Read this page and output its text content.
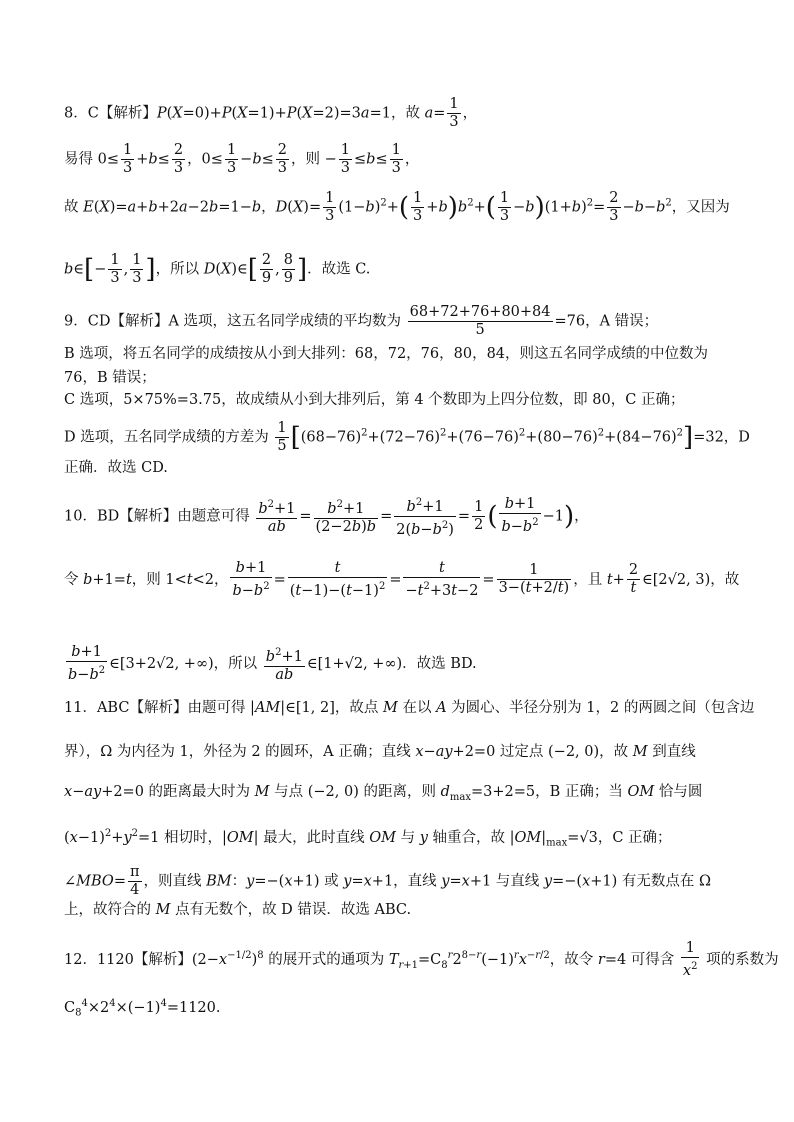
8．C【解析】P(X=0)+P(X=1)+P(X=2)=3a=1，故 $a= \frac{1}{3}$ ，
易得 $0\le \frac{1}{3} +b\le \frac{2}{3}$ ，$0\le \frac{1}{3} -b\le \frac{2}{3}$ ，则 − $\frac{1}{3} \le b\le \frac{1}{3}$ ，
故 E(X)=a+b+2a−2b=1−b，$D(X)= \frac{1}{3} (1-b)^2+( \frac{1}{3} +b)b^2+( \frac{1}{3} -b)(1+b)^2= \frac{2}{3} -b-b^2$，又因为
b∈[− $\frac{1}{3}$ , $\frac{1}{3}$ ]，所以 D(X)∈[ $\frac{2}{9}$ , $\frac{8}{9}$ ]．故选 C.
9．CD【解析】A 选项，这五名同学成绩的平均数为 $\frac{68+72+76+80+84}{5} =76$，A 错误；
B 选项，将五名同学的成绩按从小到大排列：68，72，76，80，84，则这五名同学成绩的中位数为 76，B 错误；
C 选项，5×75%=3.75，故成绩从小到大排列后，第 4 个数即为上四分位数，即 80，C 正确；
D 选项，五名同学成绩的方差为 $\frac{1}{5} [(68-76)^2+(72-76)^2+(76-76)^2+(80-76)^2+(84-76)^2]=32$，D
正确．故选 CD.
10．BD【解析】由题意可得 $\frac{b^2+1}{ab} = \frac{b^2+1}{(2-2b)b} = \frac{b^2+1}{2(b-b^2)} = \frac{1}{2}$ ( $\frac{b+1}{b-b^2} -1$)，
令 b+1=t，则 1<t<2， $\frac{b+1}{b-b^2} = \frac{t}{(t-1)-(t-1)^2} = \frac{t}{-t^2+3t-2} = \frac{1}{3-(t+2/t)}$ ，且 $t+ \frac{2}{t}$ ∈[2√2, 3)，故
$\frac{b+1}{b-b^2}$ ∈[3+2√2, +∞)，所以 $\frac{b^2+1}{ab}$ ∈[1+√2, +∞)．故选 BD.
11．ABC【解析】由题可得 |AM|∈[1, 2]，故点 M 在以 A 为圆心、半径分别为 1，2 的两圆之间（包含边
界），Ω 为内径为 1，外径为 2 的圆环，A 正确；直线 x−ay+2=0 过定点 (−2, 0)，故 M 到直线
x−ay+2=0 的距离最大时为 M 与点 (−2, 0) 的距离，则 $d_{max}=3+2=5$，B 正确；当 OM 恰与圆
$(x-1)^2+y^2=1$ 相切时，|OM| 最大，此时直线 OM 与 y 轴重合，故 $|OM|_{max}=√3$，C 正确；
∠MBO= $\frac{\pi}{4}$ ，则直线 BM：y=−(x+1) 或 y=x+1，直线 y=x+1 与直线 y=−(x+1) 有无数点在 Ω
上，故符合的 M 点有无数个，故 D 错误．故选 ABC.
12．1120【解析】$(2-x^{-1/2})^8$ 的展开式的通项为 $T_{r+1}=C_8^r2^{8-r}(-1)^rx^{-r/2}$，故令 r=4 可得含 $\frac{1}{x^2}$ 项的系数为
$C_8^4\times 2^4\times(-1)^4=1120$.
